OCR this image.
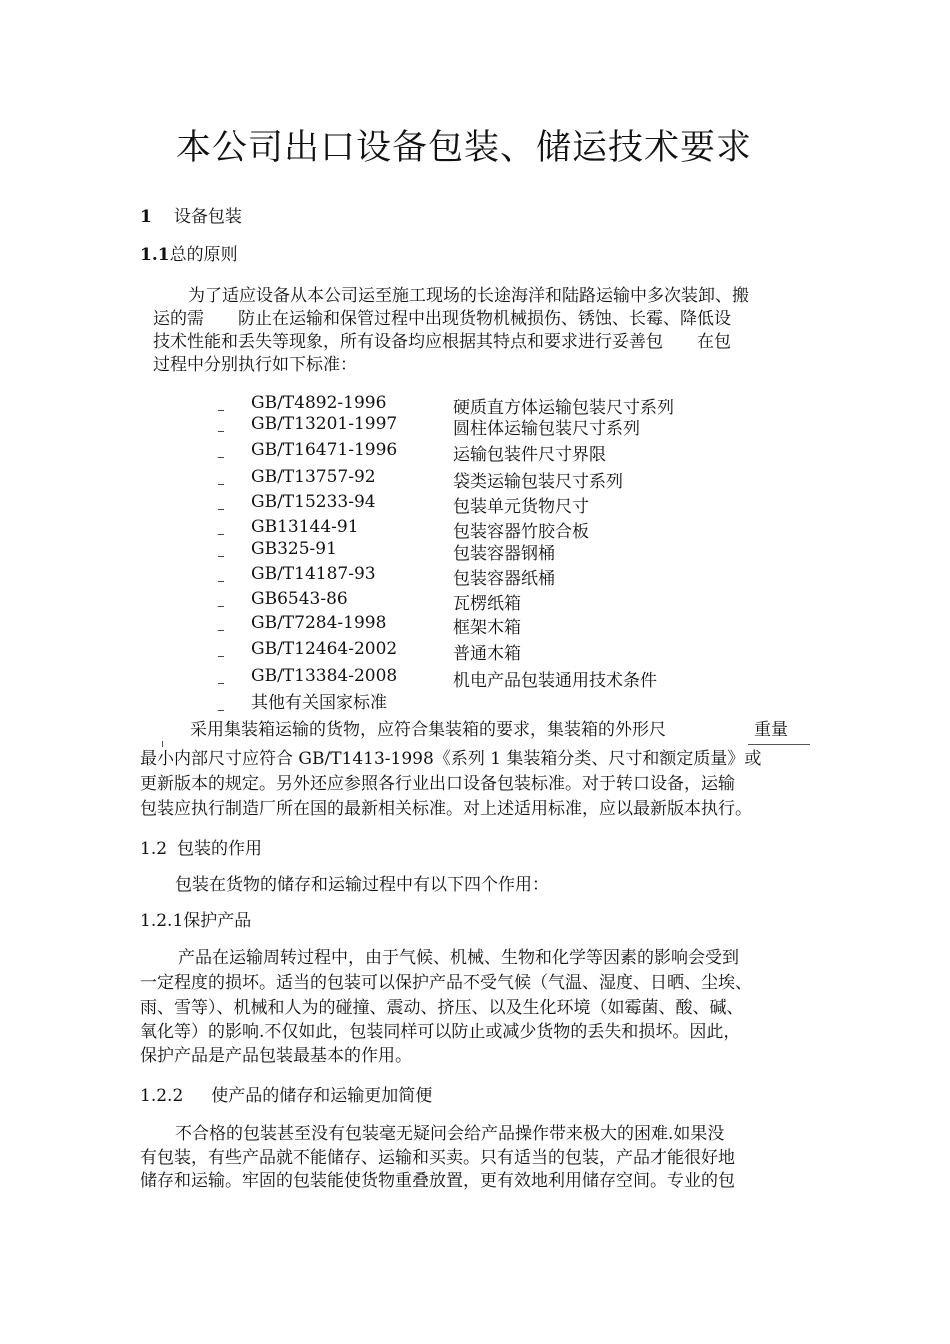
本公司出口设备包装、储运技术要求
1 设备包装
1.1总的原则
为了适应设备从本公司运至施工现场的长途海洋和陆路运输中多次装卸、搬
运的需　　防止在运输和保管过程中出现货物机械损伤、锈蚀、长霉、降低设
技术性能和丢失等现象，所有设备均应根据其特点和要求进行妥善包　　在包
过程中分别执行如下标准：
GB/T4892-1996	硬质直方体运输包装尺寸系列
GB/T13201-1997	圆柱体运输包装尺寸系列
GB/T16471-1996	运输包装件尺寸界限
GB/T13757-92	袋类运输包装尺寸系列
GB/T15233-94	包装单元货物尺寸
GB13144-91	包装容器竹胶合板
GB325-91	包装容器钢桶
GB/T14187-93	包装容器纸桶
GB6543-86	瓦楞纸箱
GB/T7284-1998	框架木箱
GB/T12464-2002	普通木箱
GB/T13384-2008	机电产品包装通用技术条件
其他有关国家标准
采用集装箱运输的货物，应符合集装箱的要求，集装箱的外形尺	重量
最小内部尺寸应符合 GB/T1413-1998《系列 1 集装箱分类、尺寸和额定质量》或
更新版本的规定。另外还应参照各行业出口设备包装标准。对于转口设备，运输
包装应执行制造厂所在国的最新相关标准。对上述适用标准，应以最新版本执行。
1.2 包装的作用
包装在货物的储存和运输过程中有以下四个作用：
1.2.1保护产品
产品在运输周转过程中，由于气候、机械、生物和化学等因素的影响会受到
一定程度的损坏。适当的包装可以保护产品不受气候（气温、湿度、日晒、尘埃、
雨、雪等）、机械和人为的碰撞、震动、挤压、以及生化环境（如霉菌、酸、碱、
氧化等）的影响.不仅如此，包装同样可以防止或减少货物的丢失和损坏。因此，
保护产品是产品包装最基本的作用。
1.2.2 使产品的储存和运输更加简便
不合格的包装甚至没有包装毫无疑问会给产品操作带来极大的困难.如果没
有包装，有些产品就不能储存、运输和买卖。只有适当的包装，产品才能很好地
储存和运输。牢固的包装能使货物重叠放置，更有效地利用储存空间。专业的包
